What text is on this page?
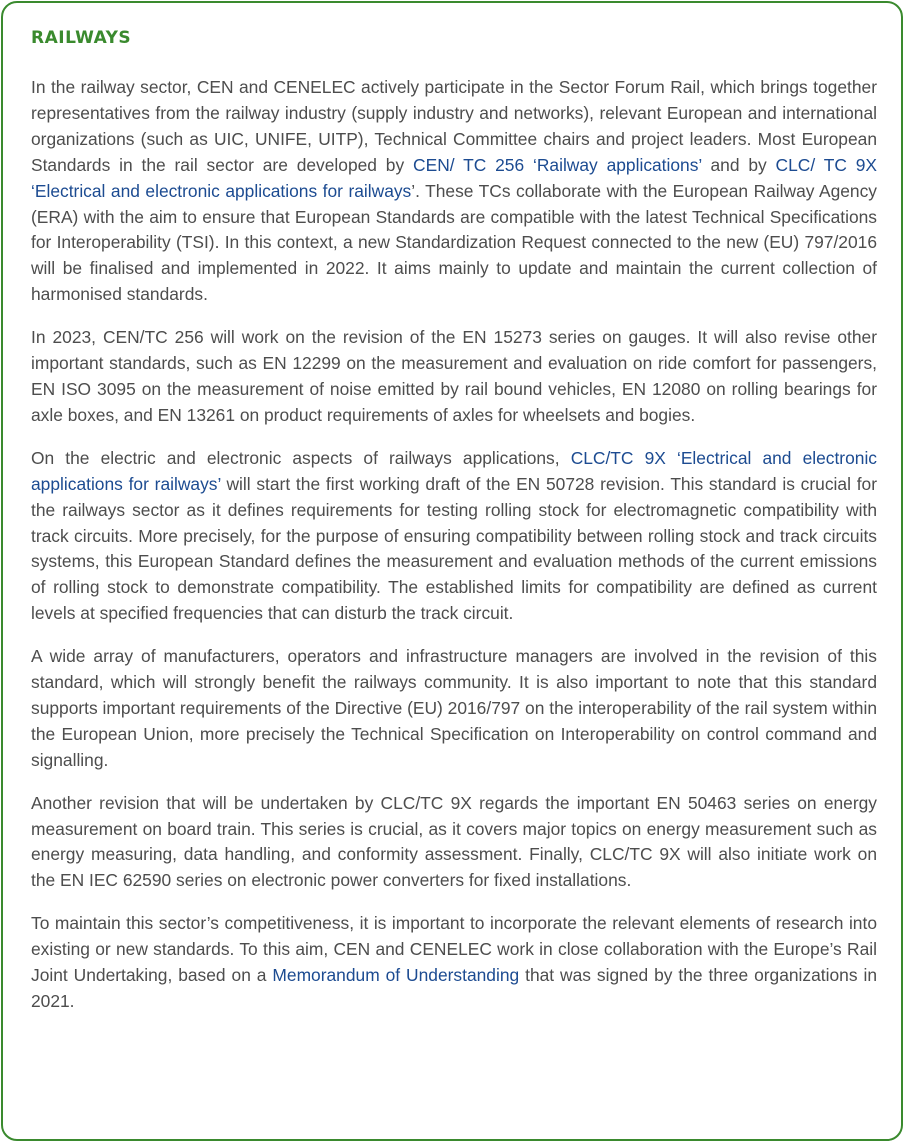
RAILWAYS

In the railway sector, CEN and CENELEC actively participate in the Sector Forum Rail, which brings together representatives from the railway industry (supply industry and networks), relevant European and international organizations (such as UIC, UNIFE, UITP), Technical Committee chairs and project leaders. Most European Standards in the rail sector are developed by CEN/ TC 256 ‘Railway applications’ and by CLC/ TC 9X ‘Electrical and electronic applications for railways’. These TCs collaborate with the European Railway Agency (ERA) with the aim to ensure that European Standards are compatible with the latest Technical Specifications for Interoperability (TSI). In this context, a new Standardization Request connected to the new (EU) 797/2016 will be finalised and implemented in 2022. It aims mainly to update and maintain the current collection of harmonised standards.

In 2023, CEN/TC 256 will work on the revision of the EN 15273 series on gauges. It will also revise other important standards, such as EN 12299 on the measurement and evaluation on ride comfort for passengers, EN ISO 3095 on the measurement of noise emitted by rail bound vehicles, EN 12080 on rolling bearings for axle boxes, and EN 13261 on product requirements of axles for wheelsets and bogies.

On the electric and electronic aspects of railways applications, CLC/TC 9X ‘Electrical and electronic applications for railways’ will start the first working draft of the EN 50728 revision. This standard is crucial for the railways sector as it defines requirements for testing rolling stock for electromagnetic compatibility with track circuits. More precisely, for the purpose of ensuring compatibility between rolling stock and track circuits systems, this European Standard defines the measurement and evaluation methods of the current emissions of rolling stock to demonstrate compatibility. The established limits for compatibility are defined as current levels at specified frequencies that can disturb the track circuit.

A wide array of manufacturers, operators and infrastructure managers are involved in the revision of this standard, which will strongly benefit the railways community. It is also important to note that this standard supports important requirements of the Directive (EU) 2016/797 on the interoperability of the rail system within the European Union, more precisely the Technical Specification on Interoperability on control command and signalling.

Another revision that will be undertaken by CLC/TC 9X regards the important EN 50463 series on energy measurement on board train. This series is crucial, as it covers major topics on energy measurement such as energy measuring, data handling, and conformity assessment. Finally, CLC/TC 9X will also initiate work on the EN IEC 62590 series on electronic power converters for fixed installations.

To maintain this sector’s competitiveness, it is important to incorporate the relevant elements of research into existing or new standards. To this aim, CEN and CENELEC work in close collaboration with the Europe’s Rail Joint Undertaking, based on a Memorandum of Understanding that was signed by the three organizations in 2021.
